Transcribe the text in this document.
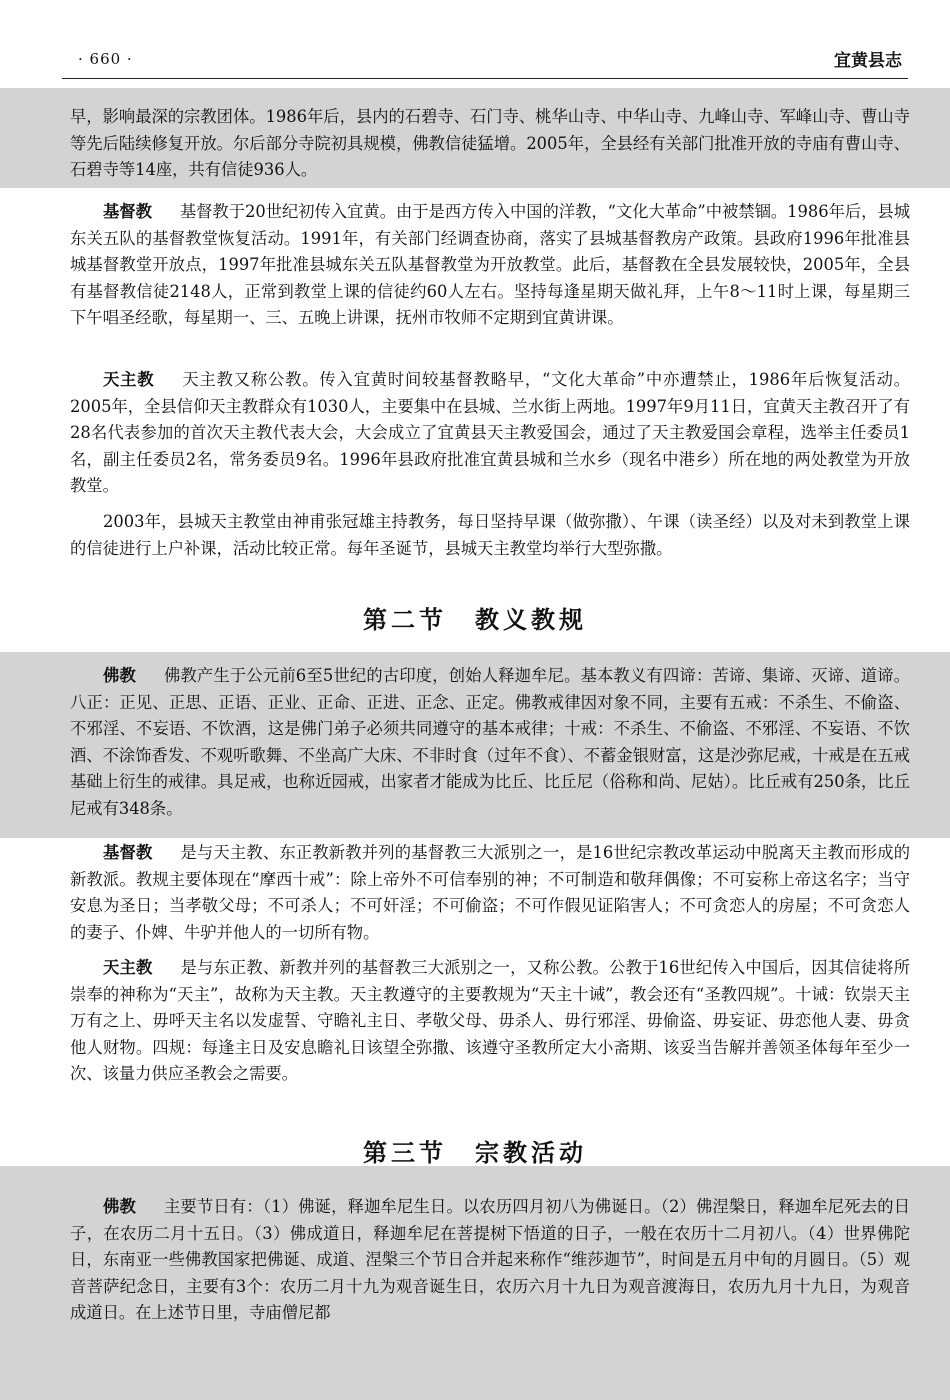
· 660 ·	宜黄县志

早，影响最深的宗教团体。1986年后，县内的石碧寺、石门寺、桃华山寺、中华山寺、九峰山寺、军峰山寺、曹山寺等先后陆续修复开放。尔后部分寺院初具规模，佛教信徒猛增。2005年，全县经有关部门批准开放的寺庙有曹山寺、石碧寺等14座，共有信徒936人。

基督教 基督教于20世纪初传入宜黄。由于是西方传入中国的洋教，“文化大革命”中被禁锢。1986年后，县城东关五队的基督教堂恢复活动。1991年，有关部门经调查协商，落实了县城基督教房产政策。县政府1996年批准县城基督教堂开放点，1997年批准县城东关五队基督教堂为开放教堂。此后，基督教在全县发展较快，2005年，全县有基督教信徒2148人，正常到教堂上课的信徒约60人左右。坚持每逢星期天做礼拜，上午8～11时上课，每星期三下午唱圣经歌，每星期一、三、五晚上讲课，抚州市牧师不定期到宜黄讲课。

天主教 天主教又称公教。传入宜黄时间较基督教略早，“文化大革命”中亦遭禁止，1986年后恢复活动。2005年，全县信仰天主教群众有1030人，主要集中在县城、兰水街上两地。1997年9月11日，宜黄天主教召开了有28名代表参加的首次天主教代表大会，大会成立了宜黄县天主教爱国会，通过了天主教爱国会章程，选举主任委员1名，副主任委员2名，常务委员9名。1996年县政府批准宜黄县城和兰水乡（现名中港乡）所在地的两处教堂为开放教堂。

2003年，县城天主教堂由神甫张冠雄主持教务，每日坚持早课（做弥撒）、午课（读圣经）以及对未到教堂上课的信徒进行上户补课，活动比较正常。每年圣诞节，县城天主教堂均举行大型弥撒。

第二节　教义教规

佛教 佛教产生于公元前6至5世纪的古印度，创始人释迦牟尼。基本教义有四谛：苦谛、集谛、灭谛、道谛。八正：正见、正思、正语、正业、正命、正进、正念、正定。佛教戒律因对象不同，主要有五戒：不杀生、不偷盗、不邪淫、不妄语、不饮酒，这是佛门弟子必须共同遵守的基本戒律；十戒：不杀生、不偷盗、不邪淫、不妄语、不饮酒、不涂饰香发、不观听歌舞、不坐高广大床、不非时食（过年不食）、不蓄金银财富，这是沙弥尼戒，十戒是在五戒基础上衍生的戒律。具足戒，也称近园戒，出家者才能成为比丘、比丘尼（俗称和尚、尼姑）。比丘戒有250条，比丘尼戒有348条。

基督教 是与天主教、东正教新教并列的基督教三大派别之一，是16世纪宗教改革运动中脱离天主教而形成的新教派。教规主要体现在“摩西十戒”：除上帝外不可信奉别的神；不可制造和敬拜偶像；不可妄称上帝这名字；当守安息为圣日；当孝敬父母；不可杀人；不可奸淫；不可偷盗；不可作假见证陷害人；不可贪恋人的房屋；不可贪恋人的妻子、仆婢、牛驴并他人的一切所有物。

天主教 是与东正教、新教并列的基督教三大派别之一，又称公教。公教于16世纪传入中国后，因其信徒将所崇奉的神称为“天主”，故称为天主教。天主教遵守的主要教规为“天主十诫”，教会还有“圣教四规”。十诫：钦崇天主万有之上、毋呼天主名以发虚誓、守瞻礼主日、孝敬父母、毋杀人、毋行邪淫、毋偷盗、毋妄证、毋恋他人妻、毋贪他人财物。四规：每逢主日及安息瞻礼日该望全弥撒、该遵守圣教所定大小斋期、该妥当告解并善领圣体每年至少一次、该量力供应圣教会之需要。

第三节　宗教活动

佛教 主要节日有：（1）佛诞，释迦牟尼生日。以农历四月初八为佛诞日。（2）佛涅槃日，释迦牟尼死去的日子，在农历二月十五日。（3）佛成道日，释迦牟尼在菩提树下悟道的日子，一般在农历十二月初八。（4）世界佛陀日，东南亚一些佛教国家把佛诞、成道、涅槃三个节日合并起来称作“维莎迦节”，时间是五月中旬的月圆日。（5）观音菩萨纪念日，主要有3个：农历二月十九为观音诞生日，农历六月十九日为观音渡海日，农历九月十九日，为观音成道日。在上述节日里，寺庙僧尼都
